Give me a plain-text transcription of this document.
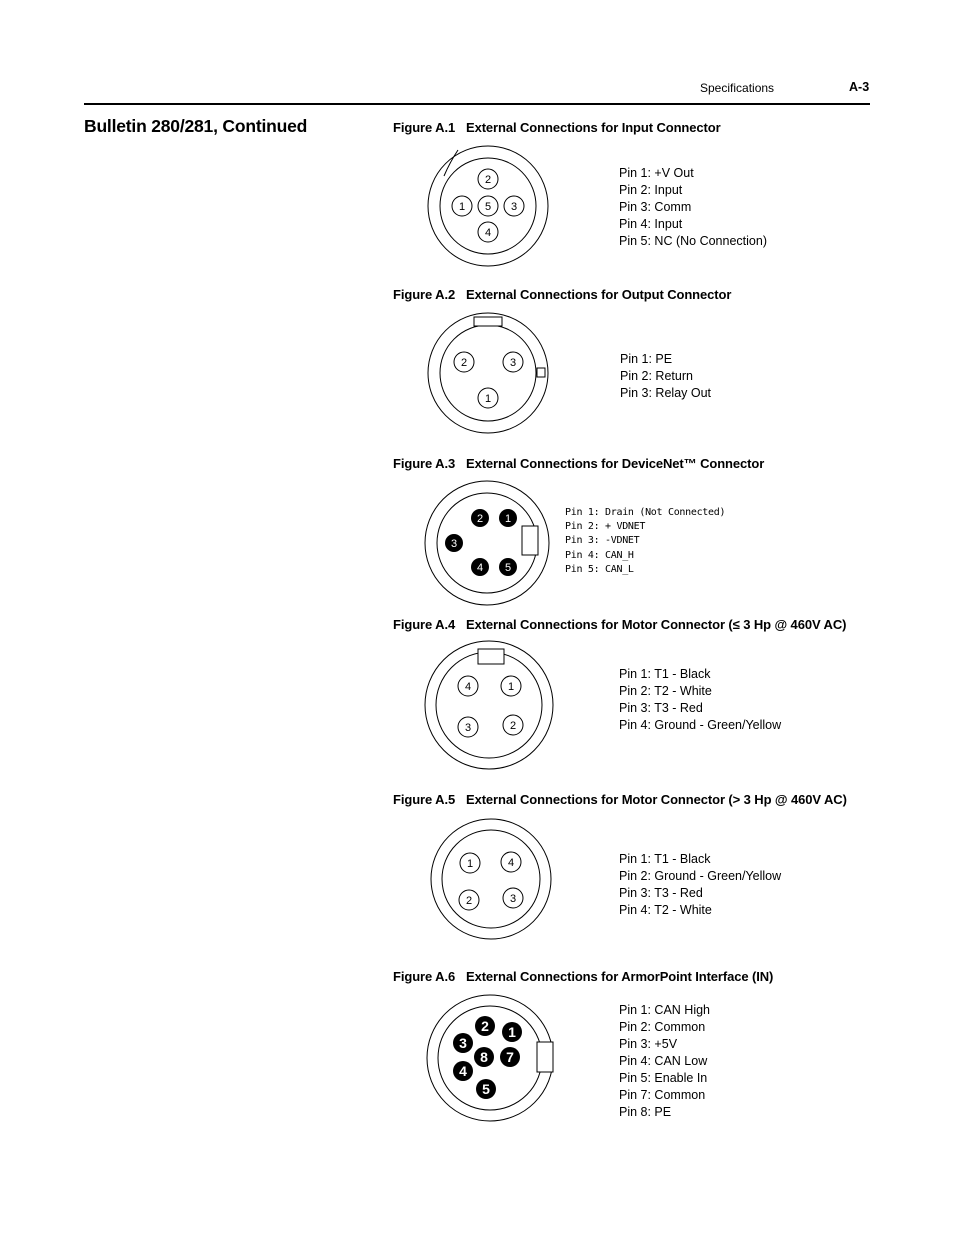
Specifications	A-3
Bulletin 280/281, Continued	Figure A.1 External Connections for Input Connector
2
1 5 3
4
Pin 1: +V Out
Pin 2: Input
Pin 3: Comm
Pin 4: Input
Pin 5: NC (No Connection)
Figure A.2 External Connections for Output Connector
2	3
1
Pin 1: PE
Pin 2: Return
Pin 3: Relay Out
Figure A.3 External Connections for DeviceNet™ Connector
2 1
3
4 5
Pin 1: Drain (Not Connected)
Pin 2: + VDNET
Pin 3: -VDNET
Pin 4: CAN_H
Pin 5: CAN_L
Figure A.4 External Connections for Motor Connector (≤ 3 Hp @ 460V AC)
4	1
3	2
Pin 1: T1 - Black
Pin 2: T2 - White
Pin 3: T3 - Red
Pin 4: Ground - Green/Yellow
Figure A.5 External Connections for Motor Connector (> 3 Hp @ 460V AC)
1	4
2	3
Pin 1: T1 - Black
Pin 2: Ground - Green/Yellow
Pin 3: T3 - Red
Pin 4: T2 - White
Figure A.6 External Connections for ArmorPoint Interface (IN)
2 1
3
8 7
4
5
Pin 1: CAN High
Pin 2: Common
Pin 3: +5V
Pin 4: CAN Low
Pin 5: Enable In
Pin 7: Common
Pin 8: PE
